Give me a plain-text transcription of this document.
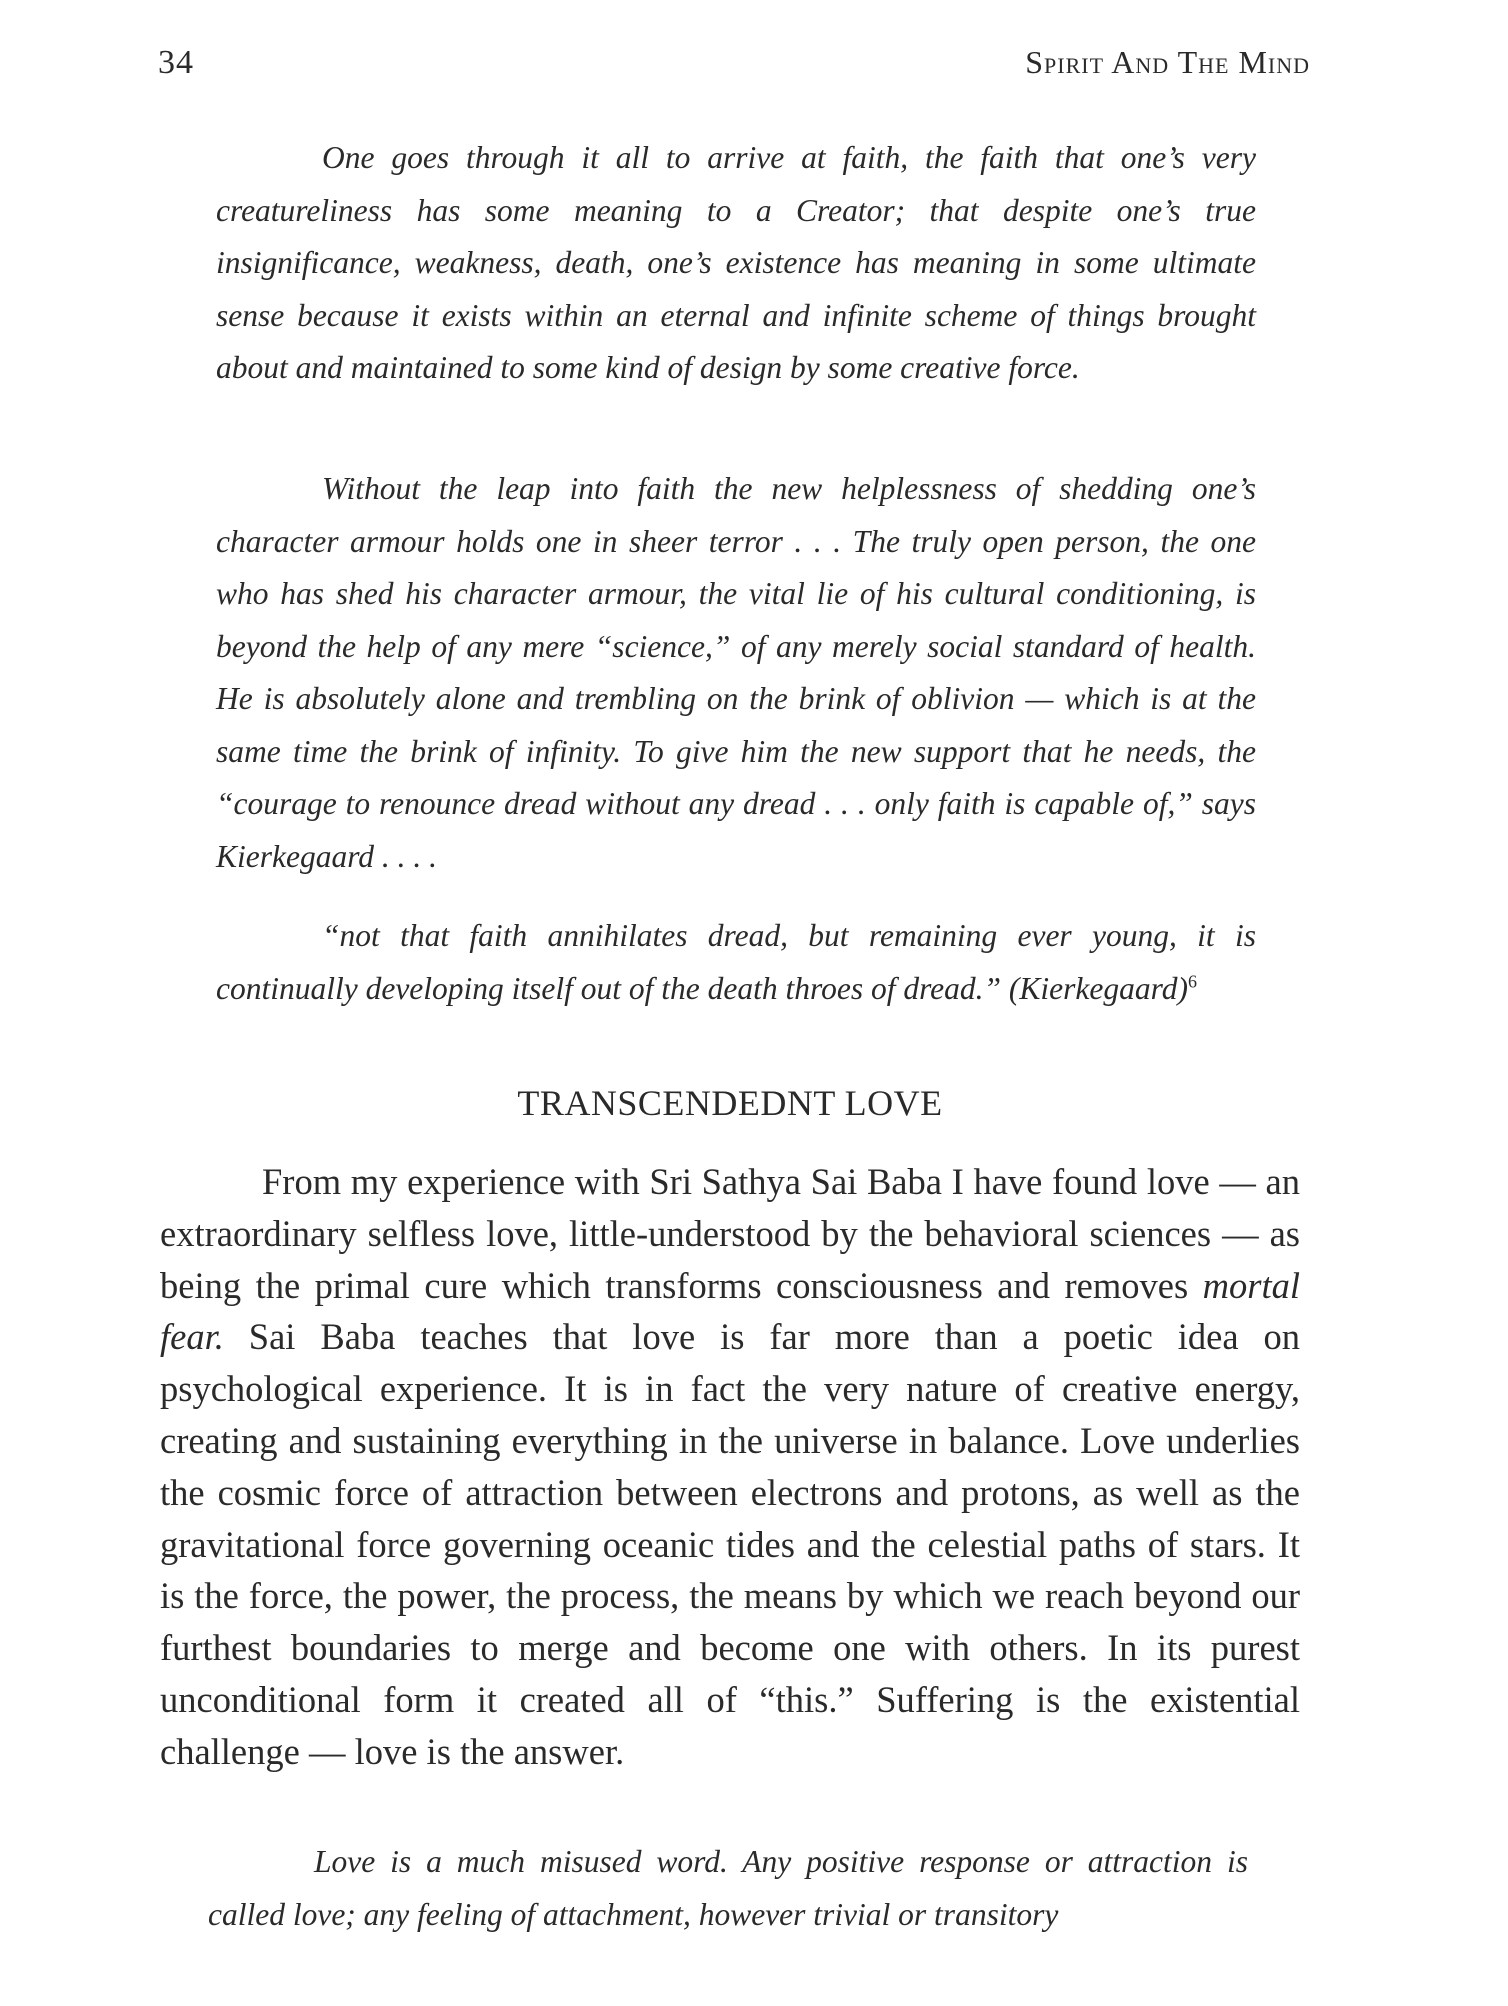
34	Spirit And The Mind

One goes through it all to arrive at faith, the faith that one’s very creatureliness has some meaning to a Creator; that despite one’s true insignificance, weakness, death, one’s existence has meaning in some ultimate sense because it exists within an eternal and infinite scheme of things brought about and maintained to some kind of design by some creative force.

Without the leap into faith the new helplessness of shedding one’s character armour holds one in sheer terror . . . The truly open person, the one who has shed his character armour, the vital lie of his cultural conditioning, is beyond the help of any mere “science,” of any merely social standard of health. He is absolutely alone and trembling on the brink of oblivion — which is at the same time the brink of infinity. To give him the new support that he needs, the “courage to renounce dread without any dread . . . only faith is capable of,” says Kierkegaard . . . .

“not that faith annihilates dread, but remaining ever young, it is continually developing itself out of the death throes of dread.” (Kierkegaard)$^6$

TRANSCENDEDNT LOVE

From my experience with Sri Sathya Sai Baba I have found love — an extraordinary selfless love, little-understood by the behavioral sciences — as being the primal cure which transforms consciousness and removes mortal fear. Sai Baba teaches that love is far more than a poetic idea on psychological experience. It is in fact the very nature of creative energy, creating and sustaining everything in the universe in balance. Love underlies the cosmic force of attraction between electrons and protons, as well as the gravitational force governing oceanic tides and the celestial paths of stars. It is the force, the power, the process, the means by which we reach beyond our furthest boundaries to merge and become one with others. In its purest unconditional form it created all of “this.” Suffering is the existential challenge — love is the answer.

Love is a much misused word. Any positive response or attraction is called love; any feeling of attachment, however trivial or transitory
